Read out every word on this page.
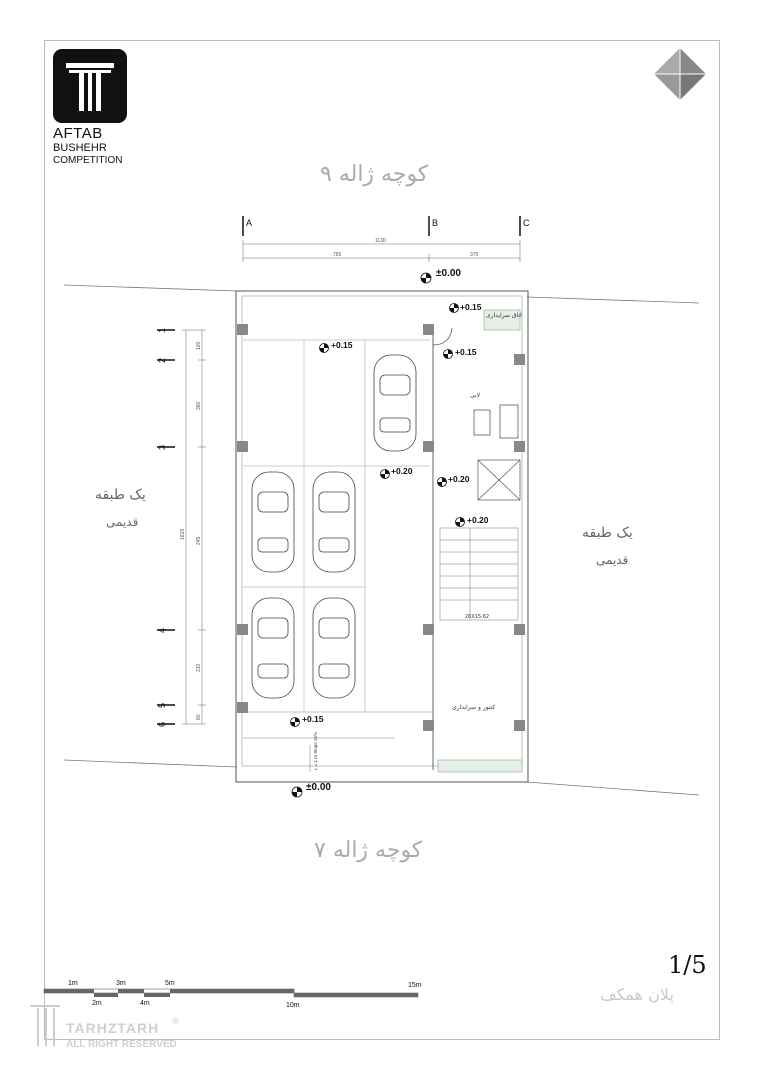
AFTAB
BUSHEHR
COMPETITION
کوچه ژاله ۹
کوچه ژاله ۷
یک طبقه
قدیمی
یک طبقه
قدیمی
A	B	C
1
2
3
4
5
6
1130
765	375
1615
120
360
245
310
80
±0.00
+0.15
+0.15
+0.15
+0.20
+0.20
+0.20
+0.15
±0.00
اتاق سرایداری
لابی
کنتور و سرایداری
20X15.62
L = 1 m Slope 15%
1m
2m
3m
4m
5m
10m
15m
1/5
پلان همکف
TARHZTARH
ALL RIGHT RESERVED
®
